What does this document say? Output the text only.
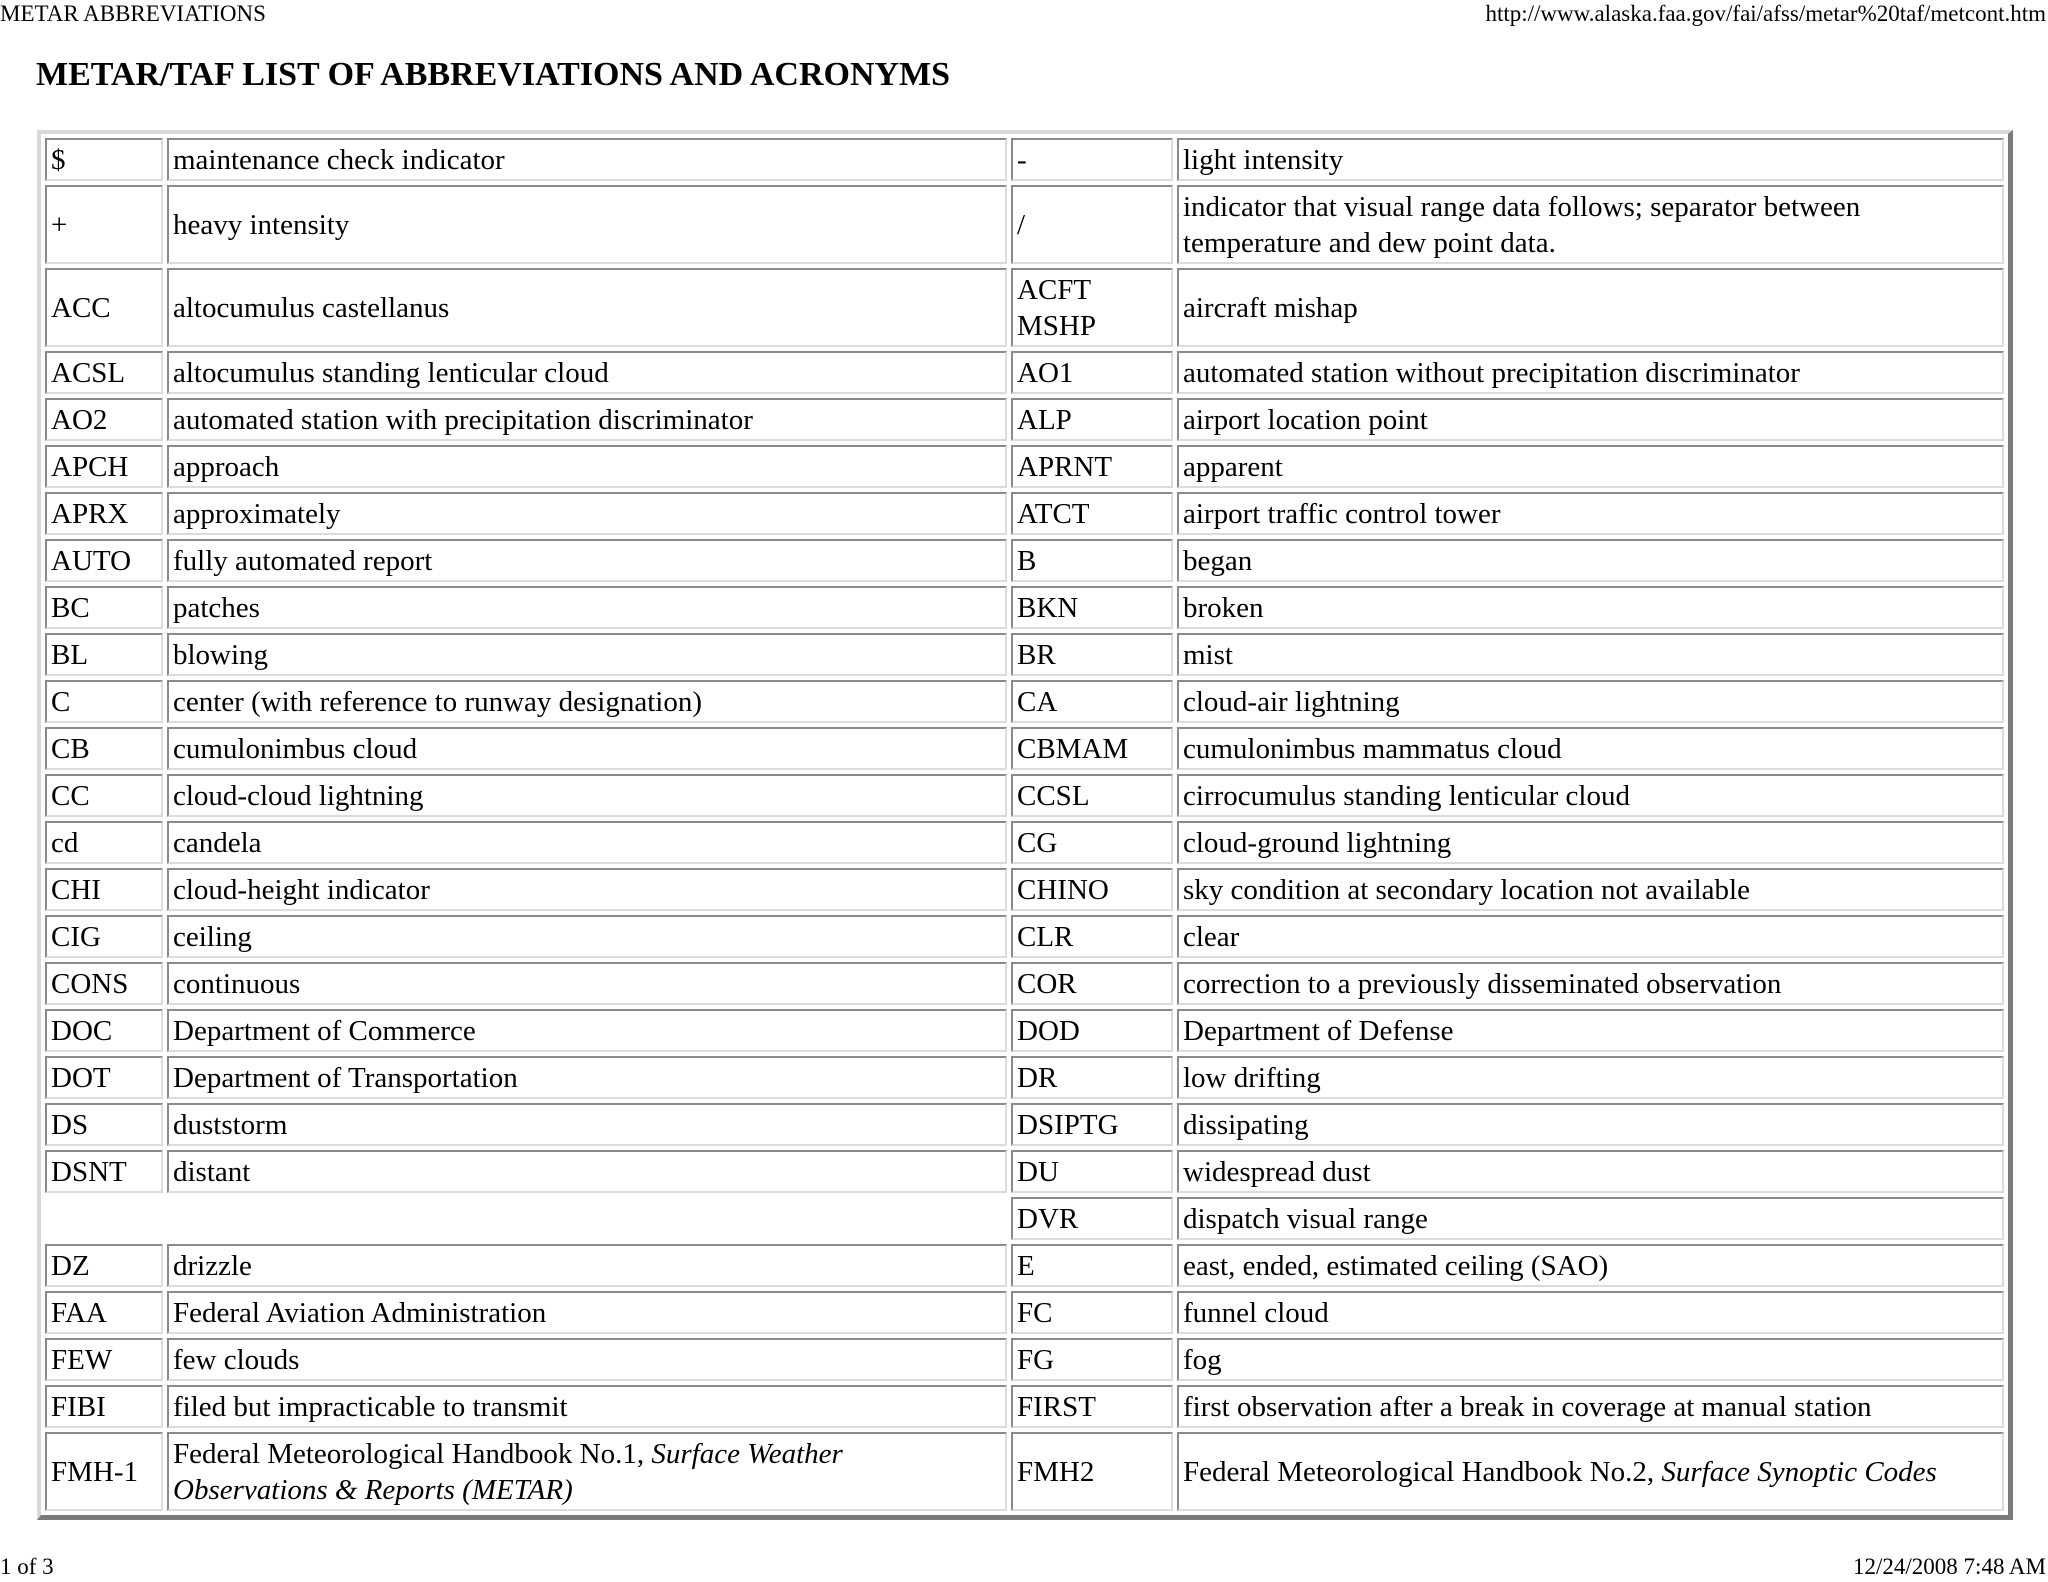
METAR ABBREVIATIONS	http://www.alaska.faa.gov/fai/afss/metar%20taf/metcont.htm
METAR/TAF LIST OF ABBREVIATIONS AND ACRONYMS
$	maintenance check indicator	-	light intensity
+	heavy intensity	/	indicator that visual range data follows; separator between temperature and dew point data.
ACC	altocumulus castellanus	ACFT MSHP	aircraft mishap
ACSL	altocumulus standing lenticular cloud	AO1	automated station without precipitation discriminator
AO2	automated station with precipitation discriminator	ALP	airport location point
APCH	approach	APRNT	apparent
APRX	approximately	ATCT	airport traffic control tower
AUTO	fully automated report	B	began
BC	patches	BKN	broken
BL	blowing	BR	mist
C	center (with reference to runway designation)	CA	cloud-air lightning
CB	cumulonimbus cloud	CBMAM	cumulonimbus mammatus cloud
CC	cloud-cloud lightning	CCSL	cirrocumulus standing lenticular cloud
cd	candela	CG	cloud-ground lightning
CHI	cloud-height indicator	CHINO	sky condition at secondary location not available
CIG	ceiling	CLR	clear
CONS	continuous	COR	correction to a previously disseminated observation
DOC	Department of Commerce	DOD	Department of Defense
DOT	Department of Transportation	DR	low drifting
DS	duststorm	DSIPTG	dissipating
DSNT	distant	DU	widespread dust
		DVR	dispatch visual range
DZ	drizzle	E	east, ended, estimated ceiling (SAO)
FAA	Federal Aviation Administration	FC	funnel cloud
FEW	few clouds	FG	fog
FIBI	filed but impracticable to transmit	FIRST	first observation after a break in coverage at manual station
FMH-1	Federal Meteorological Handbook No.1, Surface Weather Observations & Reports (METAR)	FMH2	Federal Meteorological Handbook No.2, Surface Synoptic Codes
1 of 3	12/24/2008 7:48 AM
